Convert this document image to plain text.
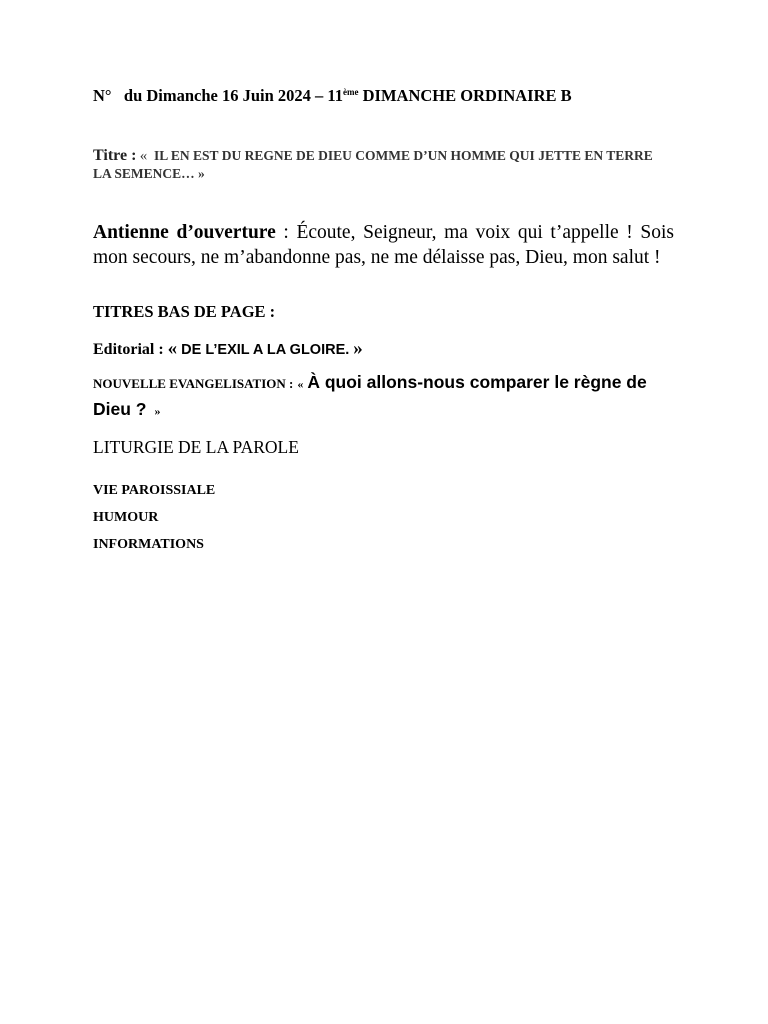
N° du Dimanche 16 Juin 2024 – 11ème DIMANCHE ORDINAIRE B
Titre : « IL EN EST DU REGNE DE DIEU COMME D’UN HOMME QUI JETTE EN TERRE LA SEMENCE… »
Antienne d’ouverture : Écoute, Seigneur, ma voix qui t’appelle ! Sois mon secours, ne m’abandonne pas, ne me délaisse pas, Dieu, mon salut !
TITRES BAS DE PAGE :
Editorial : « DE L’EXIL A LA GLOIRE. »
NOUVELLE EVANGELISATION : « À quoi allons-nous comparer le règne de Dieu ? »
LITURGIE DE LA PAROLE
VIE PAROISSIALE
HUMOUR
INFORMATIONS
